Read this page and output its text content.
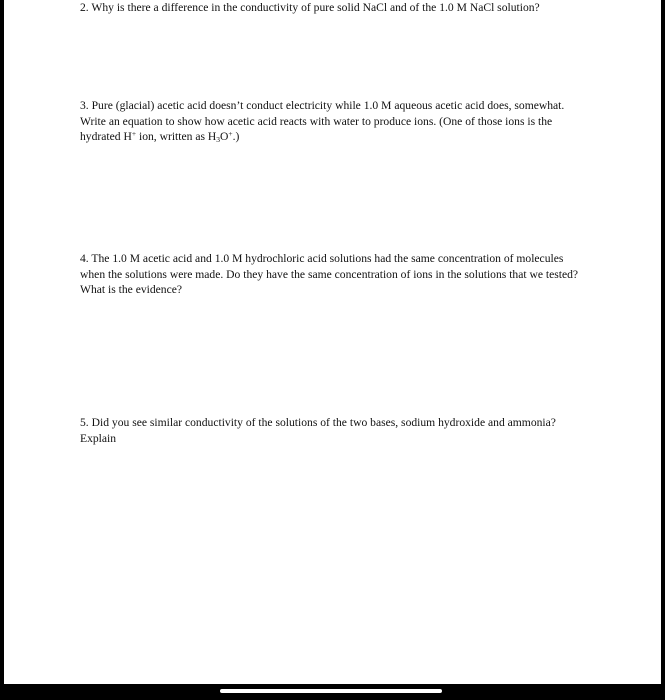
2. Why is there a difference in the conductivity of pure solid NaCl and of the 1.0 M NaCl solution?

3. Pure (glacial) acetic acid doesn’t conduct electricity while 1.0 M aqueous acetic acid does, somewhat. Write an equation to show how acetic acid reacts with water to produce ions. (One of those ions is the hydrated H+ ion, written as $H_3O^+$.)

4. The 1.0 M acetic acid and 1.0 M hydrochloric acid solutions had the same concentration of molecules when the solutions were made. Do they have the same concentration of ions in the solutions that we tested? What is the evidence?

5. Did you see similar conductivity of the solutions of the two bases, sodium hydroxide and ammonia? Explain
